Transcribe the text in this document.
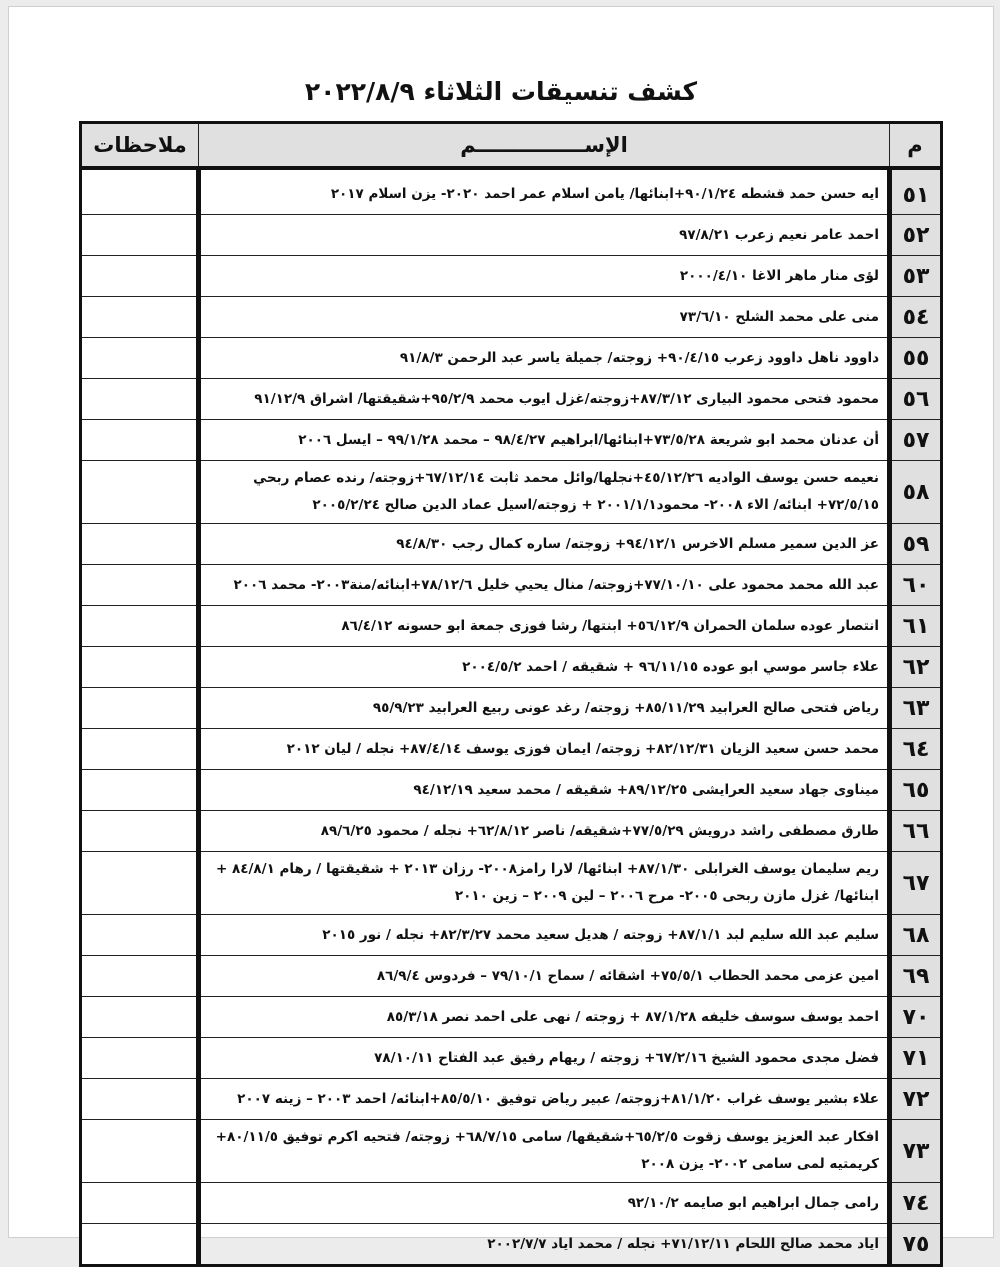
كشف تنسيقات الثلاثاء ٢٠٢٢/٨/٩
م	الإســـــــــــــــم	ملاحظات
٥١	ايه حسن حمد قشطه ٩٠/١/٢٤+ابنائها/ يامن اسلام عمر احمد ٢٠٢٠- يزن اسلام ٢٠١٧	
٥٢	احمد عامر نعيم زعرب ٩٧/٨/٢١	
٥٣	لؤى منار ماهر الاغا ٢٠٠٠/٤/١٠	
٥٤	منى على محمد الشلح ٧٣/٦/١٠	
٥٥	داوود ناهل داوود زعرب ٩٠/٤/١٥+ زوجته/ جميلة ياسر عبد الرحمن ٩١/٨/٣	
٥٦	محمود فتحى محمود البيارى ٨٧/٣/١٢+زوجته/غزل ايوب محمد ٩٥/٢/٩+شقيقتها/ اشراق ٩١/١٢/٩	
٥٧	أن عدنان محمد ابو شريعة ٧٣/٥/٢٨+ابنائها/ابراهيم ٩٨/٤/٢٧ – محمد ٩٩/١/٢٨ – ايسل ٢٠٠٦	
٥٨	نعيمه حسن يوسف الواديه ٤٥/١٢/٢٦+نجلها/وائل محمد ثابت ٦٧/١٢/١٤+زوجته/ رنده عصام ربحي ٧٢/٥/١٥+ ابنائه/ الاء ٢٠٠٨- محمود٢٠٠١/١/١ + زوجته/اسيل عماد الدين صالح ٢٠٠٥/٢/٢٤	
٥٩	عز الدين سمير مسلم الاخرس ٩٤/١٢/١+ زوجته/ ساره كمال رجب ٩٤/٨/٣٠	
٦٠	عبد الله محمد محمود على ٧٧/١٠/١٠+زوجته/ منال يحيي خليل ٧٨/١٢/٦+ابنائه/منة٢٠٠٣- محمد ٢٠٠٦	
٦١	انتصار عوده سلمان الحمران ٥٦/١٢/٩+ ابنتها/ رشا فوزى جمعة ابو حسونه ٨٦/٤/١٢	
٦٢	علاء جاسر موسي ابو عوده ٩٦/١١/١٥ + شقيقه / احمد ٢٠٠٤/٥/٢	
٦٣	رياض فتحى صالح العرابيد ٨٥/١١/٢٩+ زوجته/ رغد عونى ربيع العرابيد ٩٥/٩/٢٣	
٦٤	محمد حسن سعيد الزيان ٨٢/١٢/٣١+ زوجته/ ايمان فوزى يوسف ٨٧/٤/١٤+ نجله / ليان ٢٠١٢	
٦٥	ميناوى جهاد سعيد العرايشى ٨٩/١٢/٢٥+ شقيقه / محمد سعيد ٩٤/١٢/١٩	
٦٦	طارق مصطفى راشد درويش ٧٧/٥/٢٩+شقيقه/ ناصر ٦٢/٨/١٢+ نجله / محمود ٨٩/٦/٢٥	
٦٧	ريم سليمان يوسف الغرابلى ٨٧/١/٣٠+ ابنائها/ لارا رامز٢٠٠٨- رزان ٢٠١٣ + شقيقتها / رهام ٨٤/٨/١ + ابنائها/ غزل مازن ربحى ٢٠٠٥- مرح ٢٠٠٦ – لين ٢٠٠٩ – زين ٢٠١٠	
٦٨	سليم عبد الله سليم لبد ٨٧/١/١+ زوجته / هديل سعيد محمد ٨٢/٣/٢٧+ نجله / نور ٢٠١٥	
٦٩	امين عزمى محمد الحطاب ٧٥/٥/١+ اشقائه / سماح ٧٩/١٠/١ – فردوس ٨٦/٩/٤	
٧٠	احمد يوسف سوسف خليفه ٨٧/١/٢٨ + زوجته / نهى على احمد نصر ٨٥/٣/١٨	
٧١	فضل مجدى محمود الشيخ ٦٧/٢/١٦+ زوجته / ريهام رفيق عبد الفتاح ٧٨/١٠/١١	
٧٢	علاء بشير يوسف غراب ٨١/١/٢٠+زوجته/ عبير رياض توفيق ٨٥/٥/١٠+ابنائه/ احمد ٢٠٠٣ – زينه ٢٠٠٧	
٧٣	افكار عبد العزيز يوسف زقوت ٦٥/٢/٥+شقيقها/ سامى ٦٨/٧/١٥+ زوجته/ فتحيه اكرم توفيق ٨٠/١١/٥+ كريمتيه لمى سامى ٢٠٠٢- يزن ٢٠٠٨	
٧٤	رامى جمال ابراهيم ابو صايمه ٩٢/١٠/٢	
٧٥	اياد محمد صالح اللحام ٧١/١٢/١١+ نجله / محمد اياد ٢٠٠٢/٧/٧	
